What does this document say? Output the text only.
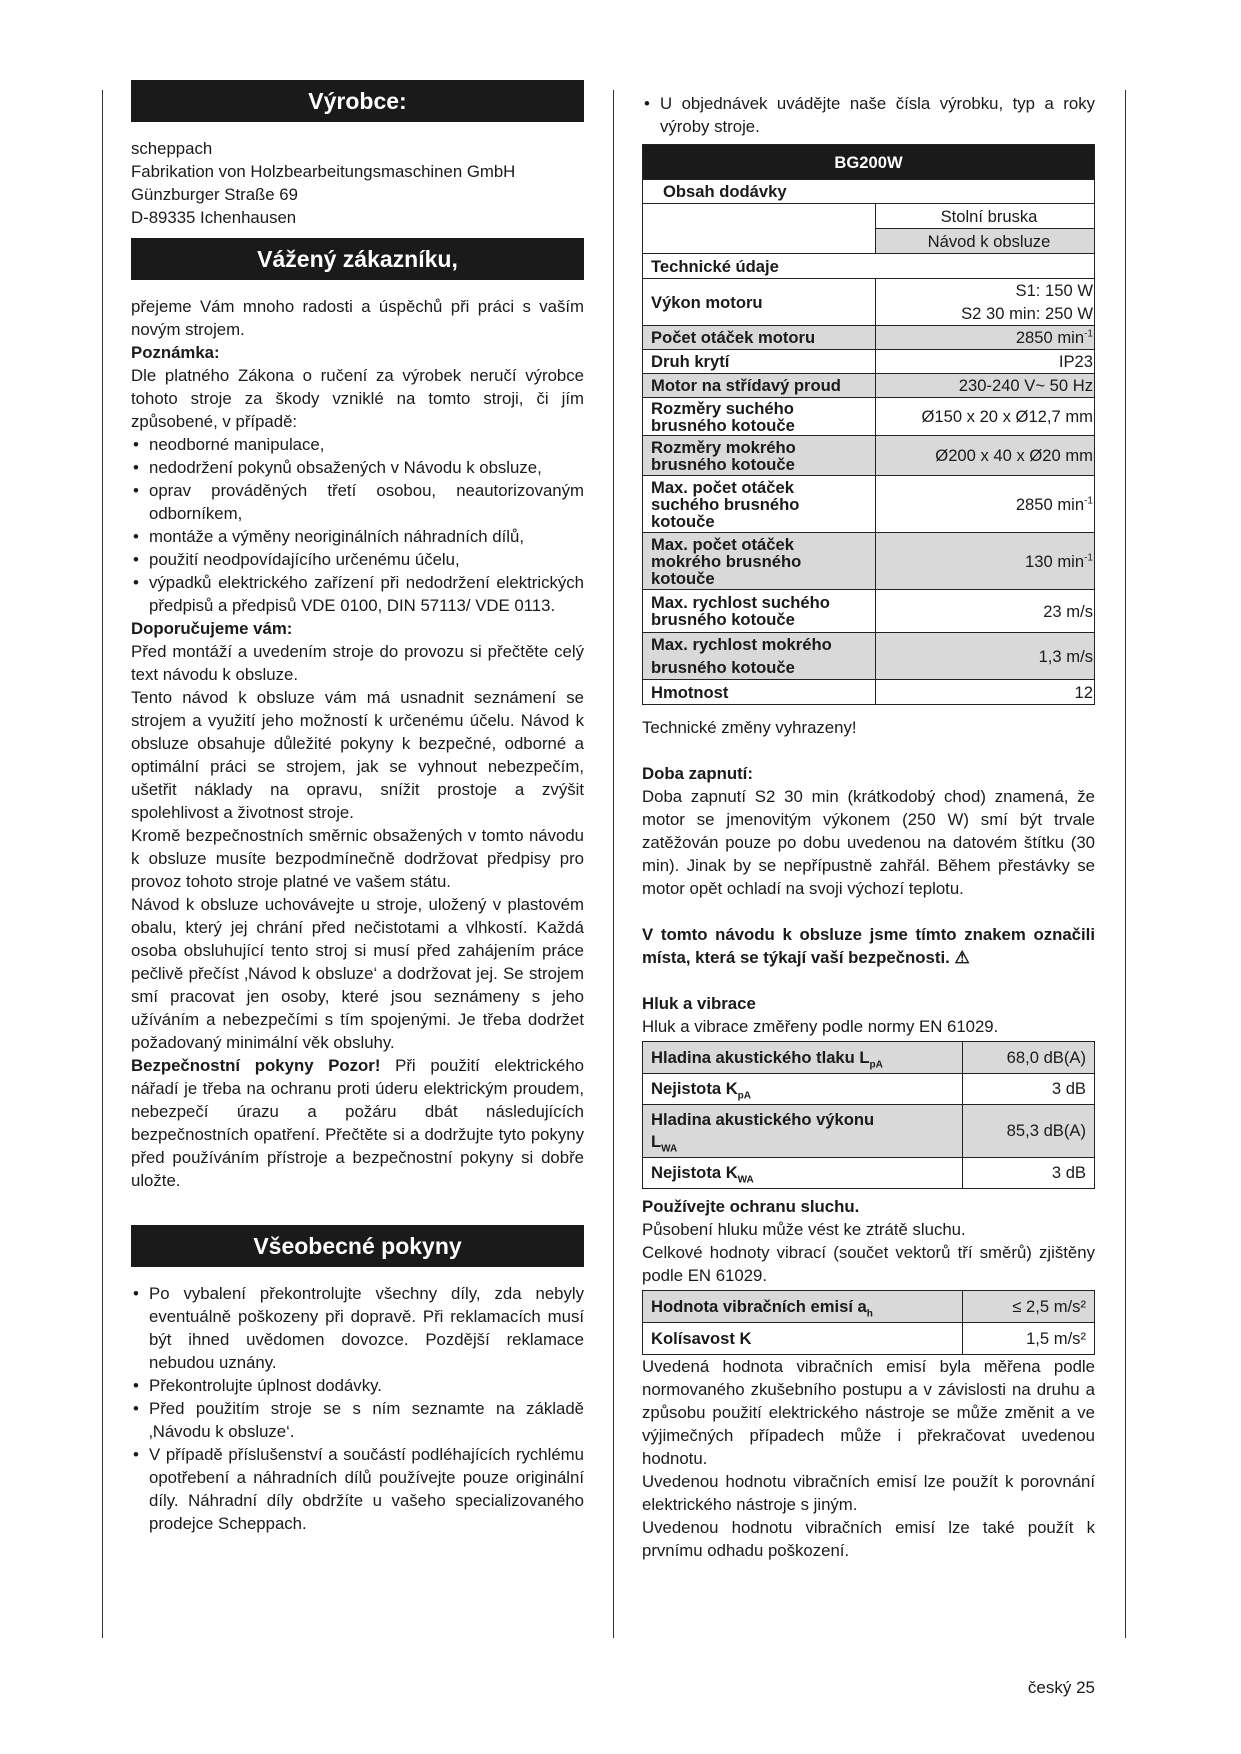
Výrobce:

scheppach

Fabrikation von Holzbearbeitungsmaschinen GmbH

Günzburger Straße 69

D-89335 Ichenhausen

Vážený zákazníku,

přejeme Vám mnoho radosti a úspěchů při práci s vaším novým strojem.

Poznámka:

Dle platného Zákona o ručení za výrobek neručí výrobce tohoto stroje za škody vzniklé na tomto stroji, či jím způsobené, v případě:

• neodborné manipulace,
• nedodržení pokynů obsažených v Návodu k obsluze,
• oprav prováděných třetí osobou, neautorizovaným odborníkem,
• montáže a výměny neoriginálních náhradních dílů,
• použití neodpovídajícího určenému účelu,
• výpadků elektrického zařízení při nedodržení elektrických předpisů a předpisů VDE 0100, DIN 57113/ VDE 0113.

Doporučujeme vám:

Před montáží a uvedením stroje do provozu si přečtěte celý text návodu k obsluze.

Tento návod k obsluze vám má usnadnit seznámení se strojem a využití jeho možností k určenému účelu. Návod k obsluze obsahuje důležité pokyny k bezpečné, odborné a optimální práci se strojem, jak se vyhnout nebezpečím, ušetřit náklady na opravu, snížit prostoje a zvýšit spolehlivost a životnost stroje.

Kromě bezpečnostních směrnic obsažených v tomto návodu k obsluze musíte bezpodmínečně dodržovat předpisy pro provoz tohoto stroje platné ve vašem státu.

Návod k obsluze uchovávejte u stroje, uložený v plastovém obalu, který jej chrání před nečistotami a vlhkostí. Každá osoba obsluhující tento stroj si musí před zahájením práce pečlivě přečíst ‚Návod k obsluze‘ a dodržovat jej. Se strojem smí pracovat jen osoby, které jsou seznámeny s jeho užíváním a nebezpečími s tím spojenými. Je třeba dodržet požadovaný minimální věk obsluhy.

Bezpečnostní pokyny Pozor! Při použití elektrického nářadí je třeba na ochranu proti úderu elektrickým proudem, nebezpečí úrazu a požáru dbát následujících bezpečnostních opatření. Přečtěte si a dodržujte tyto pokyny před používáním přístroje a bezpečnostní pokyny si dobře uložte.

Všeobecné pokyny
• Po vybalení překontrolujte všechny díly, zda nebyly eventuálně poškozeny při dopravě. Při reklamacích musí být ihned uvědomen dovozce. Pozdější reklamace nebudou uznány.
• Překontrolujte úplnost dodávky.
• Před použitím stroje se s ním seznamte na základě ‚Návodu k obsluze‘.
• V případě příslušenství a součástí podléhajících rychlému opotřebení a náhradních dílů používejte pouze originální díly. Náhradní díly obdržíte u vašeho specializovaného prodejce Scheppach.
• U objednávek uvádějte naše čísla výrobku, typ a roky výroby stroje.
BG200W	
Obsah dodávky	
	Stolní bruska
	Návod k obsluze
Technické údaje	
Výkon motoru	S1: 150 W
S2 30 min: 250 W
Počet otáček motoru	2850 $\min^{-1}$
Druh krytí	IP23
Motor na střídavý proud	230-240 V~ 50 Hz
Rozměry suchého
brusného kotouče	Ø150 x 20 x Ø12,7 mm
Rozměry mokrého
brusného kotouče	Ø200 x 40 x Ø20 mm
Max. počet otáček
suchého brusného
kotouče	2850 $\min^{-1}$
Max. počet otáček
mokrého brusného
kotouče	130 $\min^{-1}$
Max. rychlost suchého
brusného kotouče	23 m/s
Max. rychlost mokrého
brusného kotouče	1,3 m/s
Hmotnost	12

Technické změny vyhrazeny!

Doba zapnutí:

Doba zapnutí S2 30 min (krátkodobý chod) znamená, že motor se jmenovitým výkonem (250 W) smí být trvale zatěžován pouze po dobu uvedenou na datovém štítku (30 min). Jinak by se nepřípustně zahřál. Během přestávky se motor opět ochladí na svoji výchozí teplotu.

V tomto návodu k obsluze jsme tímto znakem označili místa, která se týkají vaší bezpečnosti. ⚠

Hluk a vibrace

Hluk a vibrace změřeny podle normy EN 61029.

Hladina akustického tlaku $L_{pA}$	68,0 dB(A)
Nejistota $K_{pA}$	3 dB
Hladina akustického výkonu
$L_{WA}$	85,3 dB(A)
Nejistota $K_{WA}$	3 dB

Používejte ochranu sluchu.

Působení hluku může vést ke ztrátě sluchu.

Celkové hodnoty vibrací (součet vektorů tří směrů) zjištěny podle EN 61029.

Hodnota vibračních emisí $a_h$	≤ 2,5 m/s²
Kolísavost K	1,5 m/s²

Uvedená hodnota vibračních emisí byla měřena podle normovaného zkušebního postupu a v závislosti na druhu a způsobu použití elektrického nástroje se může změnit a ve výjimečných případech může i překračovat uvedenou hodnotu.

Uvedenou hodnotu vibračních emisí lze použít k porovnání elektrického nástroje s jiným.

Uvedenou hodnotu vibračních emisí lze také použít k prvnímu odhadu poškození.

český 25
